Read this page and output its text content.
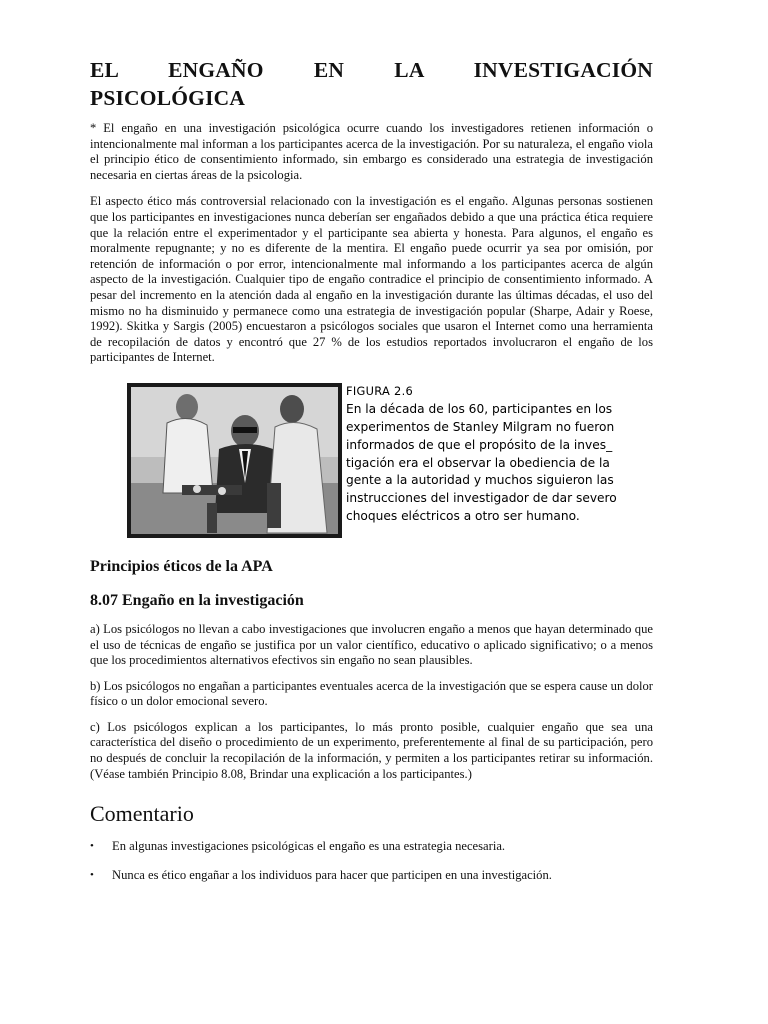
EL ENGAÑO EN LA INVESTIGACIÓN
PSICOLÓGICA

* El engaño en una investigación psicológica ocurre cuando los investigadores retienen información o intencionalmente mal informan a los participantes acerca de la investigación. Por su naturaleza, el engaño viola el principio ético de consentimiento informado, sin embargo es considerado una estrategia de investigación necesaria en ciertas áreas de la psicologia.

El aspecto ético más controversial relacionado con la investigación es el engaño. Algunas personas sostienen que los participantes en investigaciones nunca deberían ser engañados debido a que una práctica ética requiere que la relación entre el experimentador y el participante sea abierta y honesta. Para algunos, el engaño es moralmente repugnante; y no es diferente de la mentira. El engaño puede ocurrir ya sea por omisión, por retención de información o por error, intencionalmente mal informando a los participantes acerca de algún aspecto de la investigación. Cualquier tipo de engaño contradice el principio de consentimiento informado. A pesar del incremento en la atención dada al engaño en la investigación durante las últimas décadas, el uso del mismo no ha disminuido y permanece como una estrategia de investigación popular (Sharpe, Adair y Roese, 1992). Skitka y Sargis (2005) encuestaron a psicólogos sociales que usaron el Internet como una herramienta de recopilación de datos y encontró que 27 % de los estudios reportados involucraron el engaño de los participantes de Internet.

FIGURA 2.6
En la década de los 60, participantes en los experimentos de Stanley Milgram no fueron informados de que el propósito de la inves_ tigación era el observar la obediencia de la gente a la autoridad y muchos siguieron las instrucciones del investigador de dar severo choques eléctricos a otro ser humano.
Principios éticos de la APA
8.07 Engaño en la investigación

a) Los psicólogos no llevan a cabo investigaciones que involucren engaño a menos que hayan determinado que el uso de técnicas de engaño se justifica por un valor científico, educativo o aplicado significativo; o a menos que los procedimientos alternativos efectivos sin engaño no sean plausibles.

b) Los psicólogos no engañan a participantes eventuales acerca de la investigación que se espera cause un dolor físico o un dolor emocional severo.

c) Los psicólogos explican a los participantes, lo más pronto posible, cualquier engaño que sea una característica del diseño o procedimiento de un experimento, preferentemente al final de su participación, pero no después de concluir la recopilación de la información, y permiten a los participantes retirar su información. (Véase también Principio 8.08, Brindar una explicación a los participantes.)

Comentario
• En algunas investigaciones psicológicas el engaño es una estrategia necesaria.
• Nunca es ético engañar a los individuos para hacer que participen en una investigación.
